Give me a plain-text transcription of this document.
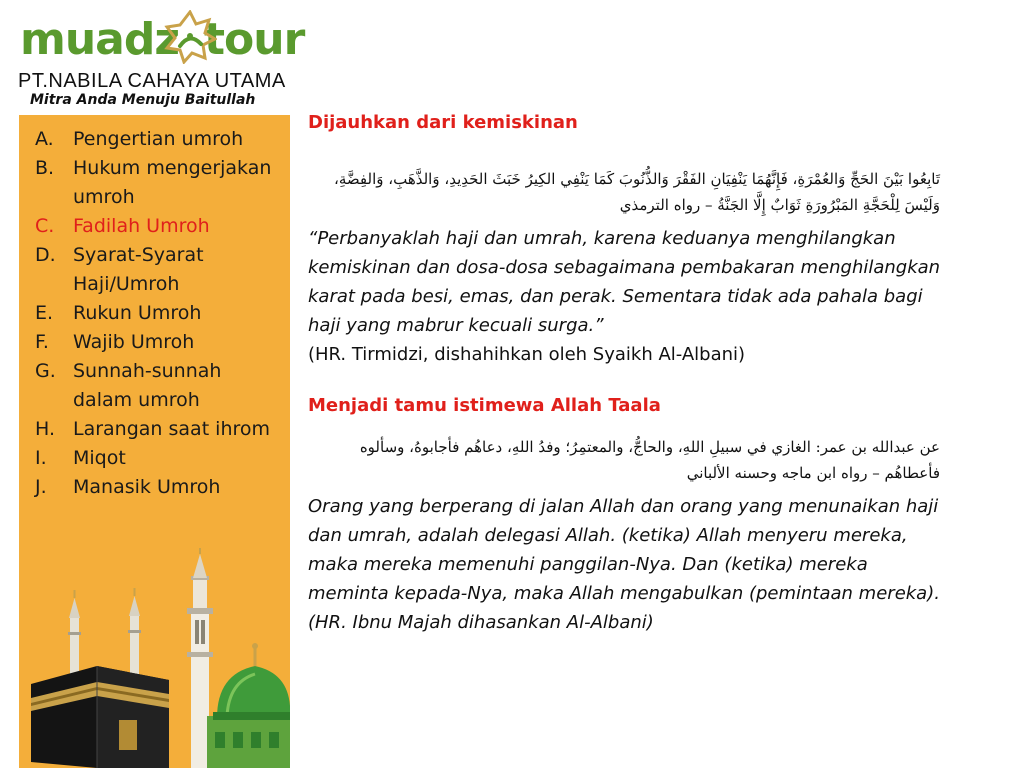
muadz tour
PT.NABILA CAHAYA UTAMA
Mitra Anda Menuju Baitullah
A.	Pengertian umroh
B. Hukum mengerjakan umroh
C. Fadilah Umroh
D. Syarat-Syarat Haji/Umroh
E.	Rukun Umroh
F.	Wajib Umroh
G. Sunnah-sunnah dalam umroh
H. Larangan saat ihrom
I.	Miqot
J.	Manasik Umroh
Dijauhkan dari kemiskinan

تَابِعُوا بَيْنَ الحَجِّ وَالعُمْرَةِ، فَإِنَّهُمَا يَنْفِيَانِ الفَقْرَ وَالذُّنُوبَ كَمَا يَنْفِي الكِيرُ خَبَثَ الحَدِيدِ، وَالذَّهَبِ، وَالفِضَّةِ، وَلَيْسَ لِلْحَجَّةِ المَبْرُورَةِ ثَوَابٌ إِلَّا الجَنَّةُ – رواه الترمذي

“Perbanyaklah haji dan umrah, karena keduanya menghilangkan kemiskinan dan dosa-dosa sebagaimana pembakaran menghilangkan karat pada besi, emas, dan perak. Sementara tidak ada pahala bagi haji yang mabrur kecuali surga.”

(HR. Tirmidzi, dishahihkan oleh Syaikh Al-Albani)

Menjadi tamu istimewa Allah Taala

عن عبدالله بن عمر: الغازي في سبيلِ اللهِ، والحاجُّ، والمعتمِرُ؛ وفدُ اللهِ، دعاهُم فأجابوهُ، وسألوه فأعطاهُم – رواه ابن ماجه وحسنه الألباني

Orang yang berperang di jalan Allah dan orang yang menunaikan haji dan umrah, adalah delegasi Allah. (ketika) Allah menyeru mereka, maka mereka memenuhi panggilan-Nya. Dan (ketika) mereka meminta kepada-Nya, maka Allah mengabulkan (pemintaan mereka).

(HR. Ibnu Majah dihasankan Al-Albani)
